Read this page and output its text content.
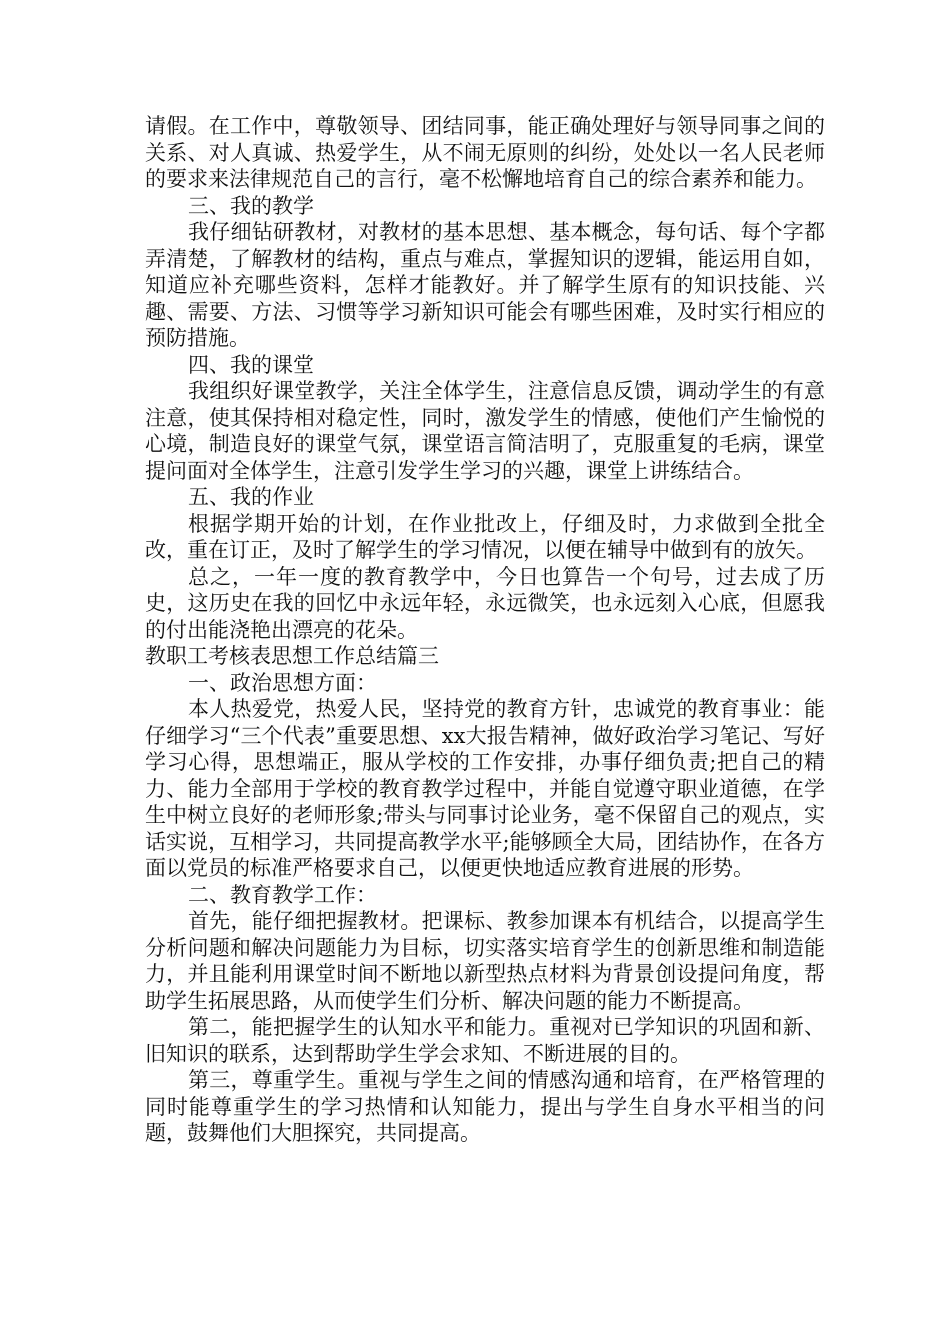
请假。在工作中，尊敬领导、团结同事，能正确处理好与领导同事之间的关系、对人真诚、热爱学生，从不闹无原则的纠纷，处处以一名人民老师的要求来法律规范自己的言行，毫不松懈地培育自己的综合素养和能力。

三、我的教学

我仔细钻研教材，对教材的基本思想、基本概念，每句话、每个字都弄清楚，了解教材的结构，重点与难点，掌握知识的逻辑，能运用自如，知道应补充哪些资料，怎样才能教好。并了解学生原有的知识技能、兴趣、需要、方法、习惯等学习新知识可能会有哪些困难，及时实行相应的预防措施。

四、我的课堂

我组织好课堂教学，关注全体学生，注意信息反馈，调动学生的有意注意，使其保持相对稳定性，同时，激发学生的情感，使他们产生愉悦的心境，制造良好的课堂气氛，课堂语言简洁明了，克服重复的毛病，课堂提问面对全体学生，注意引发学生学习的兴趣，课堂上讲练结合。

五、我的作业

根据学期开始的计划，在作业批改上，仔细及时，力求做到全批全改，重在订正，及时了解学生的学习情况，以便在辅导中做到有的放矢。

总之，一年一度的教育教学中，今日也算告一个句号，过去成了历史，这历史在我的回忆中永远年轻，永远微笑，也永远刻入心底，但愿我的付出能浇艳出漂亮的花朵。

教职工考核表思想工作总结篇三

一、政治思想方面：

本人热爱党，热爱人民，坚持党的教育方针，忠诚党的教育事业：能仔细学习“三个代表”重要思想、xx大报告精神，做好政治学习笔记、写好学习心得，思想端正，服从学校的工作安排，办事仔细负责;把自己的精力、能力全部用于学校的教育教学过程中，并能自觉遵守职业道德，在学生中树立良好的老师形象;带头与同事讨论业务，毫不保留自己的观点，实话实说，互相学习，共同提高教学水平;能够顾全大局，团结协作，在各方面以党员的标准严格要求自己，以便更快地适应教育进展的形势。

二、教育教学工作：

首先，能仔细把握教材。把课标、教参加课本有机结合，以提高学生分析问题和解决问题能力为目标，切实落实培育学生的创新思维和制造能力，并且能利用课堂时间不断地以新型热点材料为背景创设提问角度，帮助学生拓展思路，从而使学生们分析、解决问题的能力不断提高。

第二，能把握学生的认知水平和能力。重视对已学知识的巩固和新、旧知识的联系，达到帮助学生学会求知、不断进展的目的。

第三，尊重学生。重视与学生之间的情感沟通和培育，在严格管理的同时能尊重学生的学习热情和认知能力，提出与学生自身水平相当的问题，鼓舞他们大胆探究，共同提高。
